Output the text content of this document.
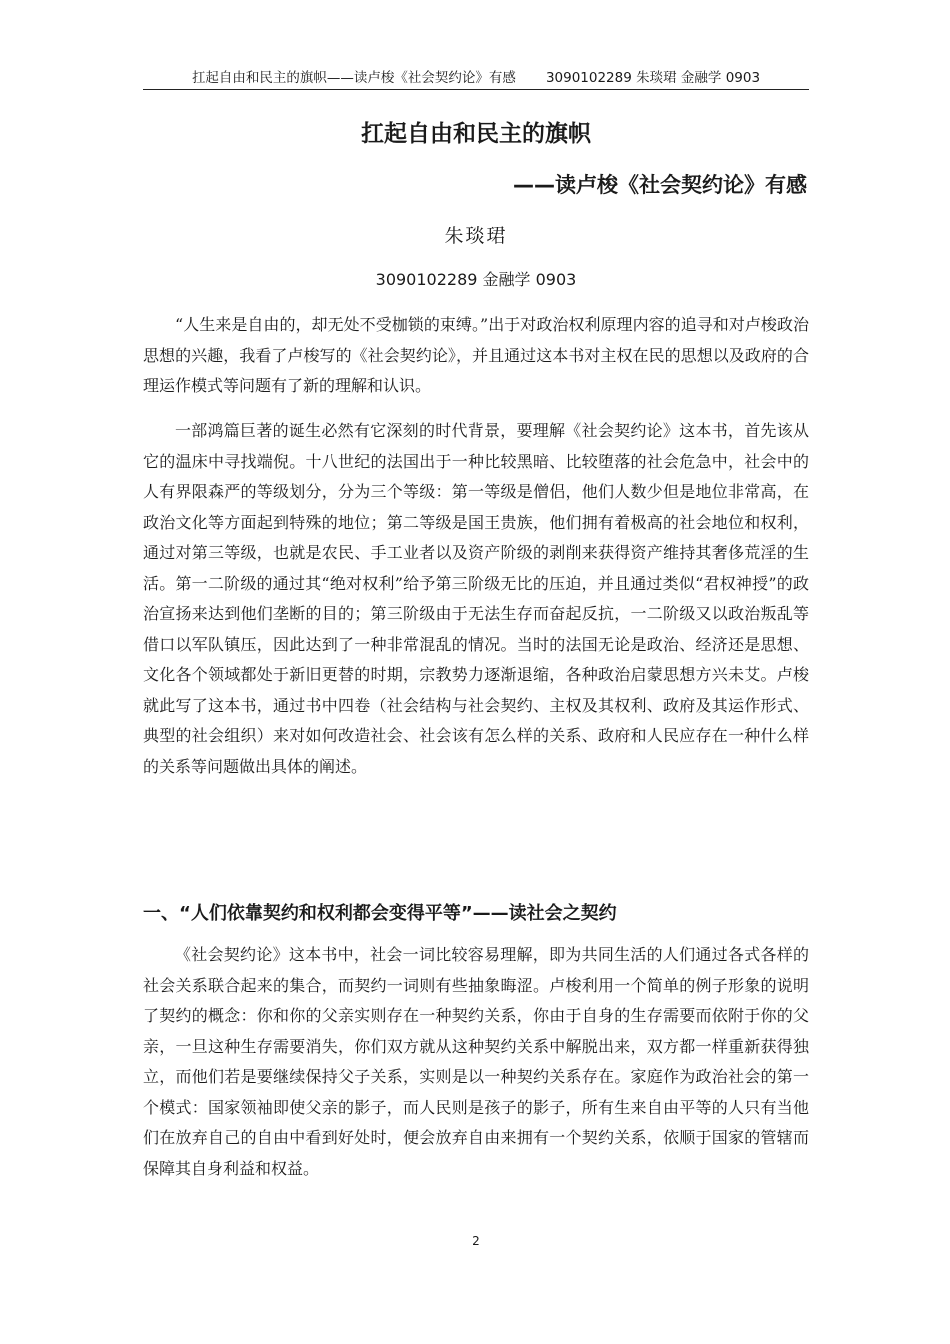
扛起自由和民主的旗帜——读卢梭《社会契约论》有感 3090102289 朱琰珺 金融学 0903
扛起自由和民主的旗帜
——读卢梭《社会契约论》有感
朱琰珺
3090102289 金融学 0903

“人生来是自由的，却无处不受枷锁的束缚。”出于对政治权利原理内容的追寻和对卢梭政治思想的兴趣，我看了卢梭写的《社会契约论》，并且通过这本书对主权在民的思想以及政府的合理运作模式等问题有了新的理解和认识。

一部鸿篇巨著的诞生必然有它深刻的时代背景，要理解《社会契约论》这本书，首先该从它的温床中寻找端倪。十八世纪的法国出于一种比较黑暗、比较堕落的社会危急中，社会中的人有界限森严的等级划分，分为三个等级：第一等级是僧侣，他们人数少但是地位非常高，在政治文化等方面起到特殊的地位；第二等级是国王贵族，他们拥有着极高的社会地位和权利，通过对第三等级，也就是农民、手工业者以及资产阶级的剥削来获得资产维持其奢侈荒淫的生活。第一二阶级的通过其“绝对权利”给予第三阶级无比的压迫，并且通过类似“君权神授”的政治宣扬来达到他们垄断的目的；第三阶级由于无法生存而奋起反抗，一二阶级又以政治叛乱等借口以军队镇压，因此达到了一种非常混乱的情况。当时的法国无论是政治、经济还是思想、文化各个领域都处于新旧更替的时期，宗教势力逐渐退缩，各种政治启蒙思想方兴未艾。卢梭就此写了这本书，通过书中四卷（社会结构与社会契约、主权及其权利、政府及其运作形式、典型的社会组织）来对如何改造社会、社会该有怎么样的关系、政府和人民应存在一种什么样的关系等问题做出具体的阐述。

一、“人们依靠契约和权利都会变得平等”——读社会之契约

《社会契约论》这本书中，社会一词比较容易理解，即为共同生活的人们通过各式各样的社会关系联合起来的集合，而契约一词则有些抽象晦涩。卢梭利用一个简单的例子形象的说明了契约的概念：你和你的父亲实则存在一种契约关系，你由于自身的生存需要而依附于你的父亲，一旦这种生存需要消失，你们双方就从这种契约关系中解脱出来，双方都一样重新获得独立，而他们若是要继续保持父子关系，实则是以一种契约关系存在。家庭作为政治社会的第一个模式：国家领袖即使父亲的影子，而人民则是孩子的影子，所有生来自由平等的人只有当他们在放弃自己的自由中看到好处时，便会放弃自由来拥有一个契约关系，依顺于国家的管辖而保障其自身利益和权益。

2
